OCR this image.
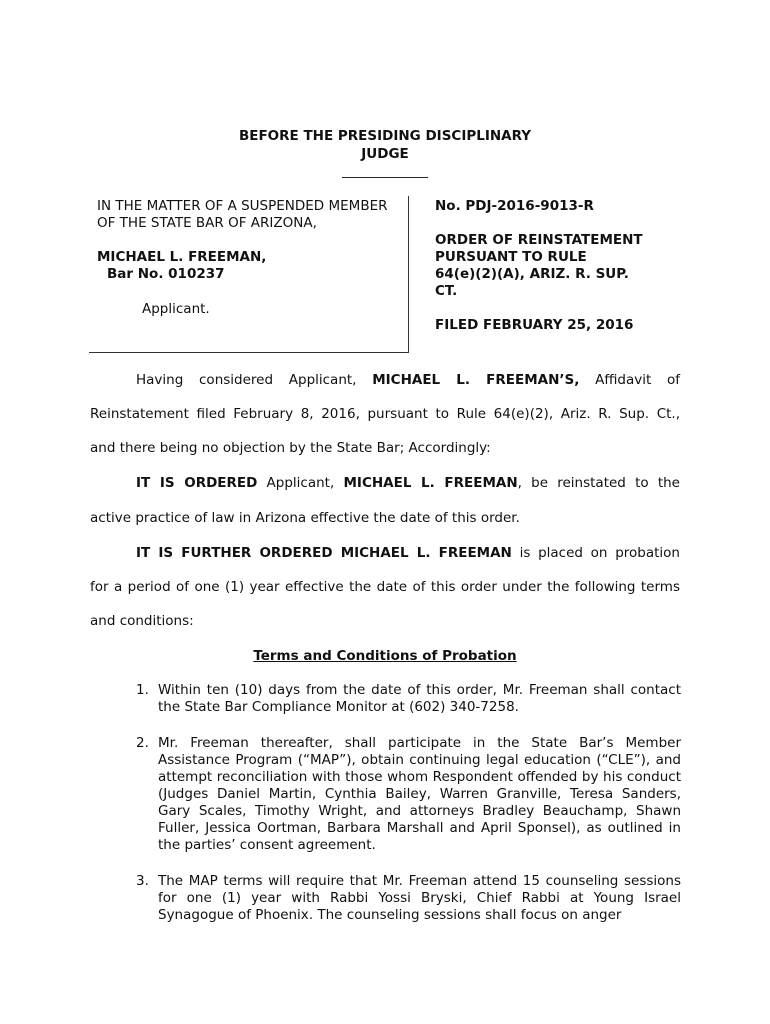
BEFORE THE PRESIDING DISCIPLINARY
JUDGE
IN THE MATTER OF A SUSPENDED MEMBER
OF THE STATE BAR OF ARIZONA,
MICHAEL L. FREEMAN,
Bar No. 010237
Applicant.
No. PDJ-2016-9013-R
ORDER OF REINSTATEMENT
PURSUANT TO RULE
64(e)(2)(A), ARIZ. R. SUP.
CT.
FILED FEBRUARY 25, 2016
Having considered Applicant, MICHAEL L. FREEMAN’S, Affidavit of
Reinstatement filed February 8, 2016, pursuant to Rule 64(e)(2), Ariz. R. Sup. Ct.,
and there being no objection by the State Bar; Accordingly:
IT IS ORDERED Applicant, MICHAEL L. FREEMAN, be reinstated to the
active practice of law in Arizona effective the date of this order.
IT IS FURTHER ORDERED MICHAEL L. FREEMAN is placed on probation
for a period of one (1) year effective the date of this order under the following terms
and conditions:
Terms and Conditions of Probation
1. Within ten (10) days from the date of this order, Mr. Freeman shall contact the State Bar Compliance Monitor at (602) 340-7258.
2. Mr. Freeman thereafter, shall participate in the State Bar’s Member Assistance Program (“MAP”), obtain continuing legal education (“CLE”), and attempt reconciliation with those whom Respondent offended by his conduct (Judges Daniel Martin, Cynthia Bailey, Warren Granville, Teresa Sanders, Gary Scales, Timothy Wright, and attorneys Bradley Beauchamp, Shawn Fuller, Jessica Oortman, Barbara Marshall and April Sponsel), as outlined in the parties’ consent agreement.
3. The MAP terms will require that Mr. Freeman attend 15 counseling sessions for one (1) year with Rabbi Yossi Bryski, Chief Rabbi at Young Israel Synagogue of Phoenix. The counseling sessions shall focus on anger
